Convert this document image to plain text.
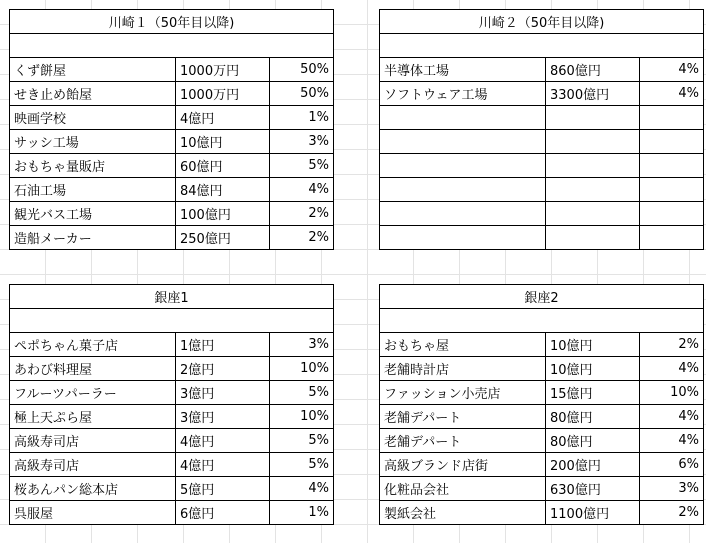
川崎１（50年目以降)		

くず餅屋	1000万円	50%
せき止め飴屋	1000万円	50%
映画学校	4億円	1%
サッシ工場	10億円	3%
おもちゃ量販店	60億円	5%
石油工場	84億円	4%
観光バス工場	100億円	2%
造船メーカー	250億円	2%
川崎２（50年目以降)		

半導体工場	860億円	4%
ソフトウェア工場	3300億円	4%

銀座1		

ペポちゃん菓子店	1億円	3%
あわび料理屋	2億円	10%
フルーツパーラー	3億円	5%
極上天ぷら屋	3億円	10%
高級寿司店	4億円	5%
高級寿司店	4億円	5%
桜あんパン総本店	5億円	4%
呉服屋	6億円	1%
銀座2		

おもちゃ屋	10億円	2%
老舗時計店	10億円	4%
ファッション小売店	15億円	10%
老舗デパート	80億円	4%
老舗デパート	80億円	4%
高級ブランド店街	200億円	6%
化粧品会社	630億円	3%
製紙会社	1100億円	2%
